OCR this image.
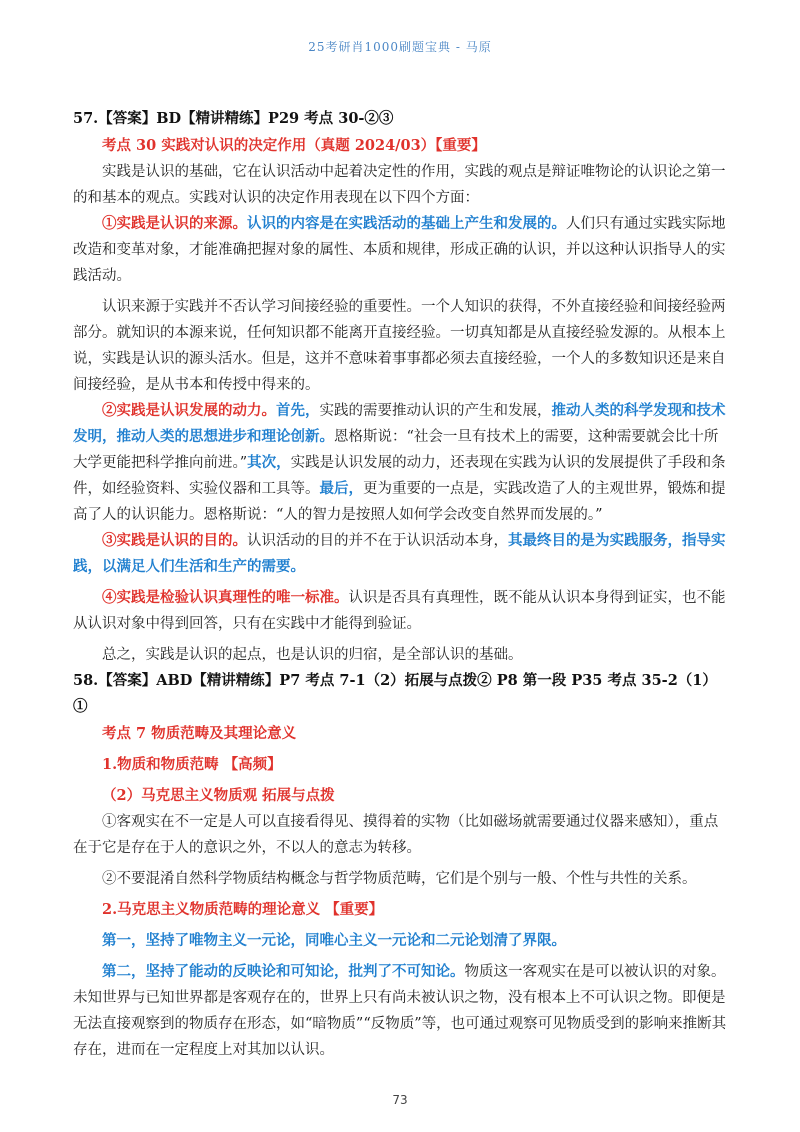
25考研肖1000刷题宝典 - 马原

57.【答案】BD【精讲精练】P29 考点 30-②③

考点 30 实践对认识的决定作用（真题 2024/03）【重要】

实践是认识的基础，它在认识活动中起着决定性的作用，实践的观点是辩证唯物论的认识论之第一的和基本的观点。实践对认识的决定作用表现在以下四个方面：

①实践是认识的来源。认识的内容是在实践活动的基础上产生和发展的。人们只有通过实践实际地改造和变革对象，才能准确把握对象的属性、本质和规律，形成正确的认识，并以这种认识指导人的实践活动。

认识来源于实践并不否认学习间接经验的重要性。一个人知识的获得，不外直接经验和间接经验两部分。就知识的本源来说，任何知识都不能离开直接经验。一切真知都是从直接经验发源的。从根本上说，实践是认识的源头活水。但是，这并不意味着事事都必须去直接经验，一个人的多数知识还是来自间接经验，是从书本和传授中得来的。

②实践是认识发展的动力。首先，实践的需要推动认识的产生和发展，推动人类的科学发现和技术发明，推动人类的思想进步和理论创新。恩格斯说：“社会一旦有技术上的需要，这种需要就会比十所大学更能把科学推向前进。”其次，实践是认识发展的动力，还表现在实践为认识的发展提供了手段和条件，如经验资料、实验仪器和工具等。最后，更为重要的一点是，实践改造了人的主观世界，锻炼和提高了人的认识能力。恩格斯说：“人的智力是按照人如何学会改变自然界而发展的。”

③实践是认识的目的。认识活动的目的并不在于认识活动本身，其最终目的是为实践服务，指导实践，以满足人们生活和生产的需要。

④实践是检验认识真理性的唯一标准。认识是否具有真理性，既不能从认识本身得到证实，也不能从认识对象中得到回答，只有在实践中才能得到验证。

总之，实践是认识的起点，也是认识的归宿，是全部认识的基础。

58.【答案】ABD【精讲精练】P7 考点 7-1（2）拓展与点拨② P8 第一段 P35 考点 35-2（1）①

考点 7 物质范畴及其理论意义

1.物质和物质范畴 【高频】

（2）马克思主义物质观 拓展与点拨

①客观实在不一定是人可以直接看得见、摸得着的实物（比如磁场就需要通过仪器来感知），重点在于它是存在于人的意识之外，不以人的意志为转移。

②不要混淆自然科学物质结构概念与哲学物质范畴，它们是个别与一般、个性与共性的关系。

2.马克思主义物质范畴的理论意义 【重要】

第一，坚持了唯物主义一元论，同唯心主义一元论和二元论划清了界限。

第二，坚持了能动的反映论和可知论，批判了不可知论。物质这一客观实在是可以被认识的对象。未知世界与已知世界都是客观存在的，世界上只有尚未被认识之物，没有根本上不可认识之物。即便是无法直接观察到的物质存在形态，如“暗物质”“反物质”等，也可通过观察可见物质受到的影响来推断其存在，进而在一定程度上对其加以认识。

73
